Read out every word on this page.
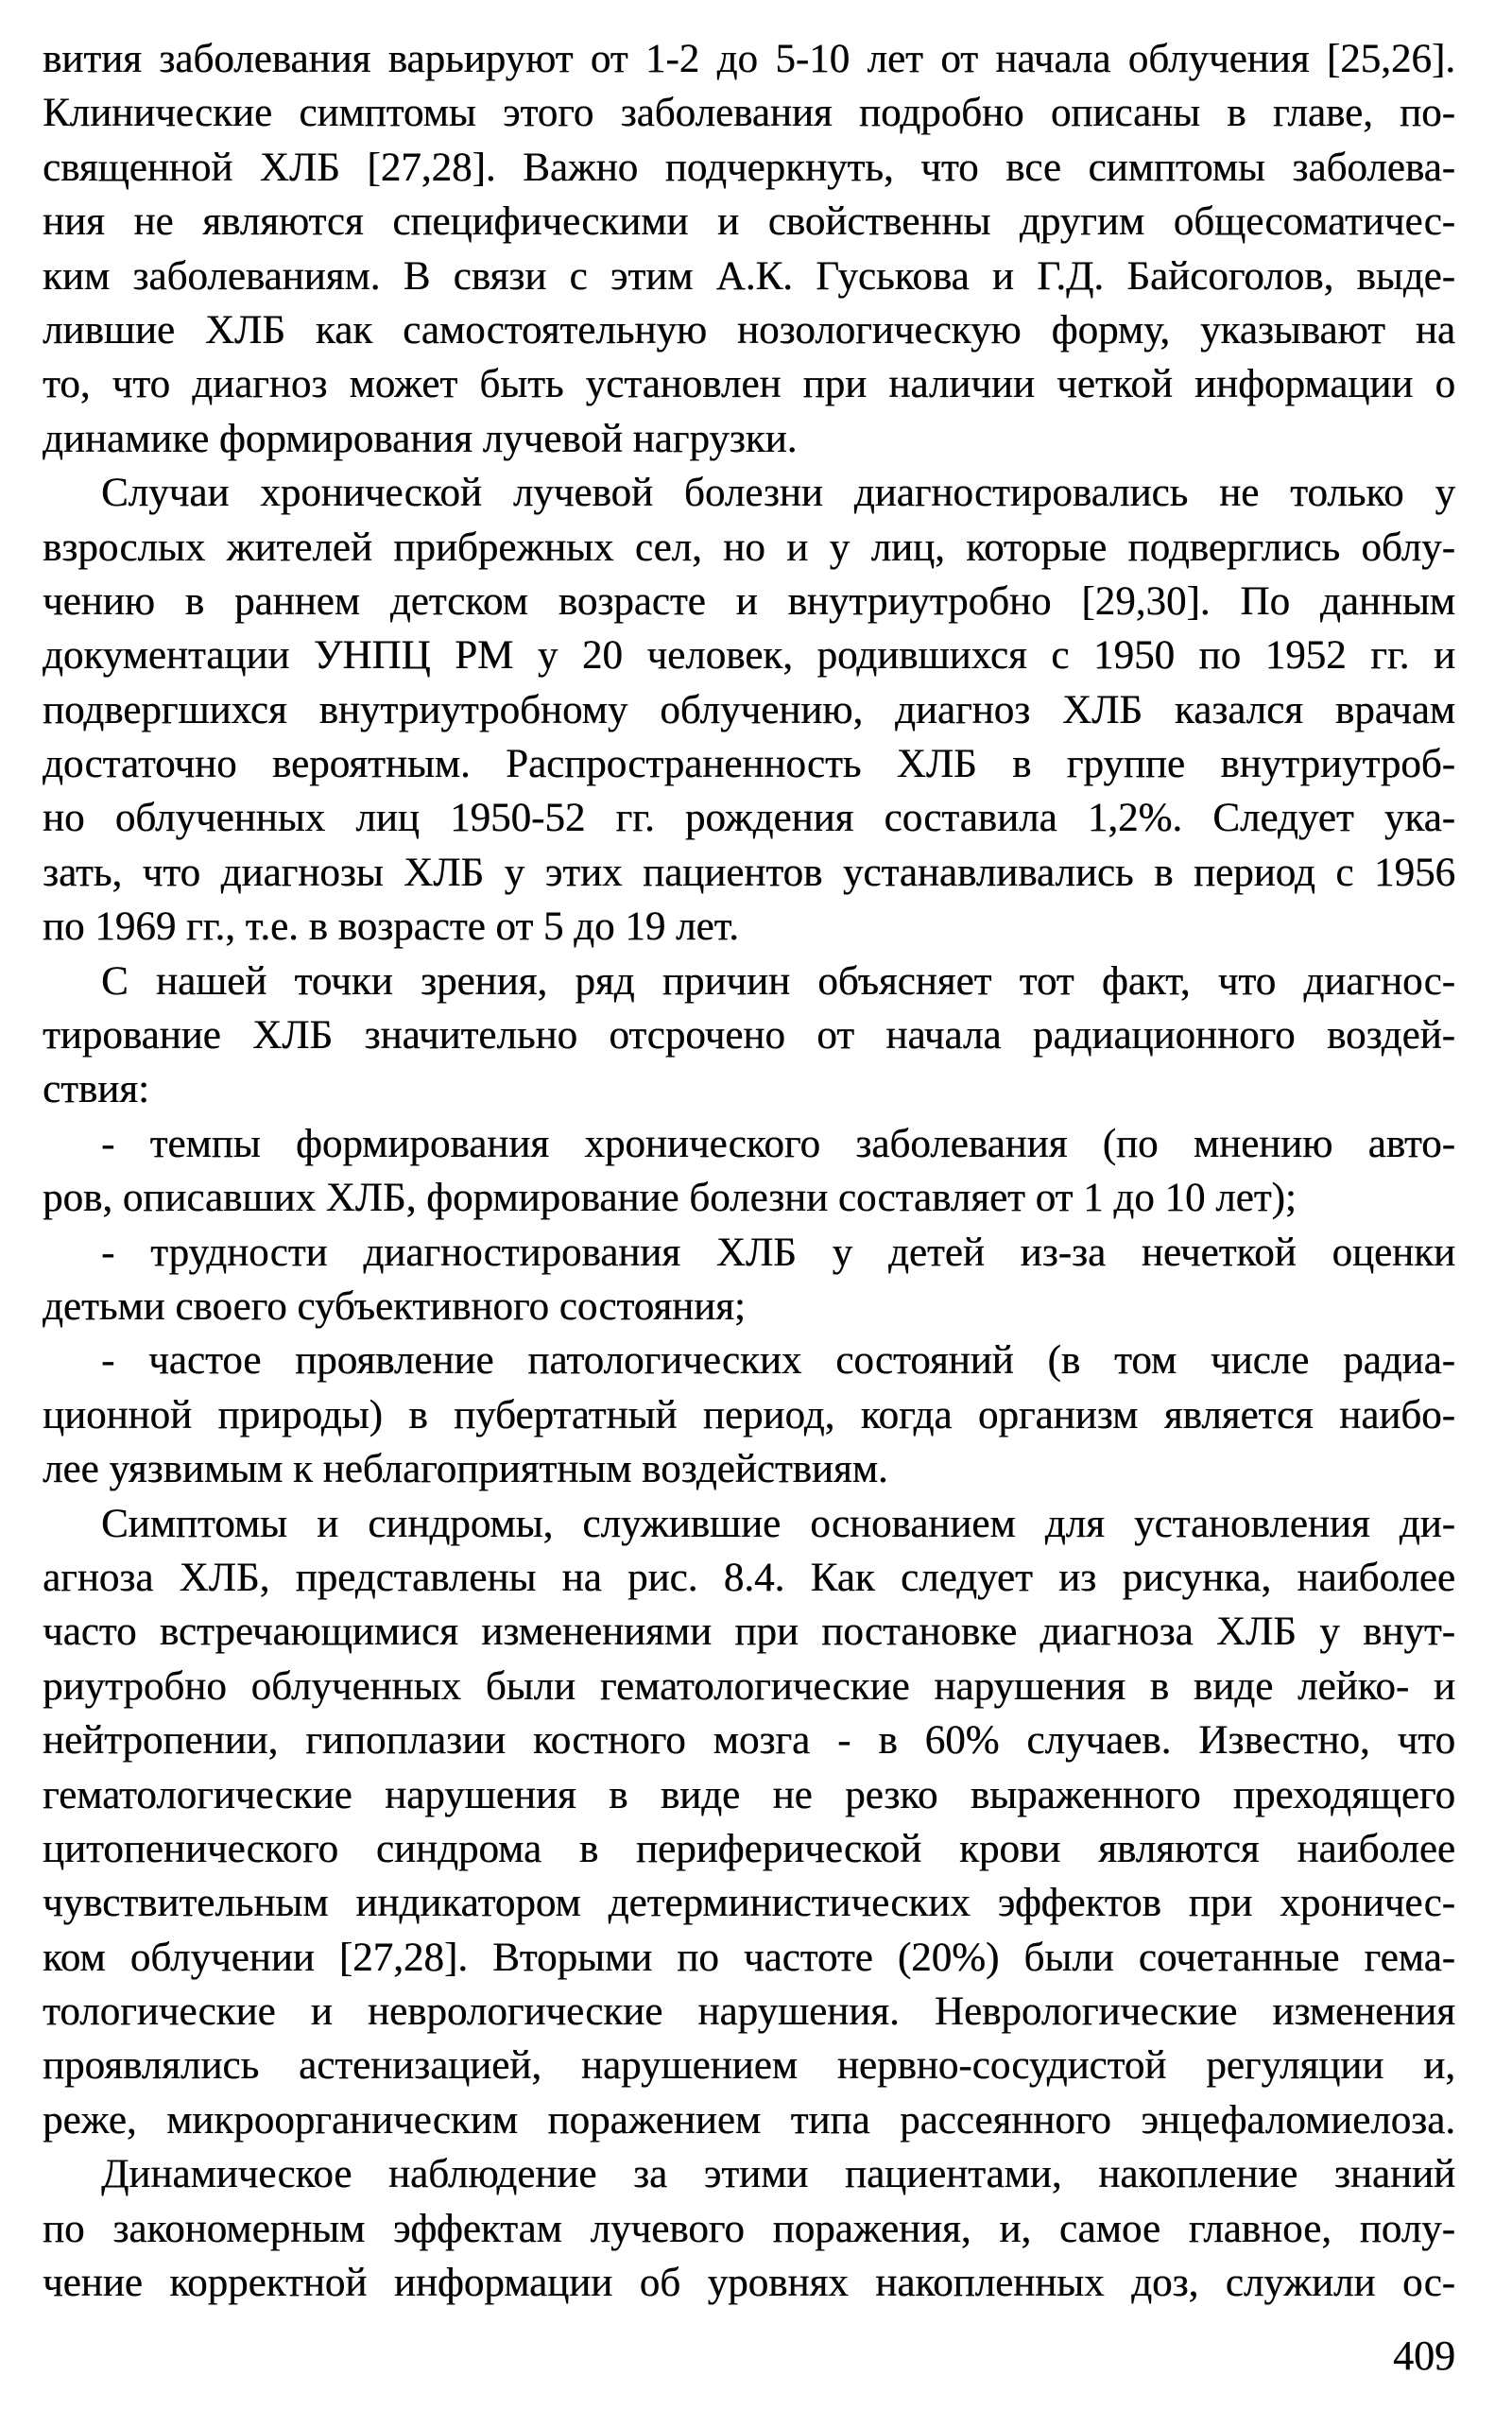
вития заболевания варьируют от 1-2 до 5-10 лет от начала облучения [25,26].
Клинические симптомы этого заболевания подробно описаны в главе, по-
священной ХЛБ [27,28]. Важно подчеркнуть, что все симптомы заболева-
ния не являются специфическими и свойственны другим общесоматичес-
ким заболеваниям. В связи с этим А.К. Гуськова и Г.Д. Байсоголов, выде-
лившие ХЛБ как самостоятельную нозологическую форму, указывают на
то, что диагноз может быть установлен при наличии четкой информации о
динамике формирования лучевой нагрузки.
Случаи хронической лучевой болезни диагностировались не только у
взрослых жителей прибрежных сел, но и у лиц, которые подверглись облу-
чению в раннем детском возрасте и внутриутробно [29,30]. По данным
документации УНПЦ РМ у 20 человек, родившихся с 1950 по 1952 гг. и
подвергшихся внутриутробному облучению, диагноз ХЛБ казался врачам
достаточно вероятным. Распространенность ХЛБ в группе внутриутроб-
но облученных лиц 1950-52 гг. рождения составила 1,2%. Следует ука-
зать, что диагнозы ХЛБ у этих пациентов устанавливались в период с 1956
по 1969 гг., т.е. в возрасте от 5 до 19 лет.
С нашей точки зрения, ряд причин объясняет тот факт, что диагнос-
тирование ХЛБ значительно отсрочено от начала радиационного воздей-
ствия:
- темпы формирования хронического заболевания (по мнению авто-
ров, описавших ХЛБ, формирование болезни составляет от 1 до 10 лет);
- трудности диагностирования ХЛБ у детей из-за нечеткой оценки
детьми своего субъективного состояния;
- частое проявление патологических состояний (в том числе радиа-
ционной природы) в пубертатный период, когда организм является наибо-
лее уязвимым к неблагоприятным воздействиям.
Симптомы и синдромы, служившие основанием для установления ди-
агноза ХЛБ, представлены на рис. 8.4. Как следует из рисунка, наиболее
часто встречающимися изменениями при постановке диагноза ХЛБ у внут-
риутробно облученных были гематологические нарушения в виде лейко- и
нейтропении, гипоплазии костного мозга - в 60% случаев. Известно, что
гематологические нарушения в виде не резко выраженного преходящего
цитопенического синдрома в периферической крови являются наиболее
чувствительным индикатором детерминистических эффектов при хроничес-
ком облучении [27,28]. Вторыми по частоте (20%) были сочетанные гема-
тологические и неврологические нарушения. Неврологические изменения
проявлялись астенизацией, нарушением нервно-сосудистой регуляции и,
реже, микроорганическим поражением типа рассеянного энцефаломиелоза.
Динамическое наблюдение за этими пациентами, накопление знаний
по закономерным эффектам лучевого поражения, и, самое главное, полу-
чение корректной информации об уровнях накопленных доз, служили ос-
409
